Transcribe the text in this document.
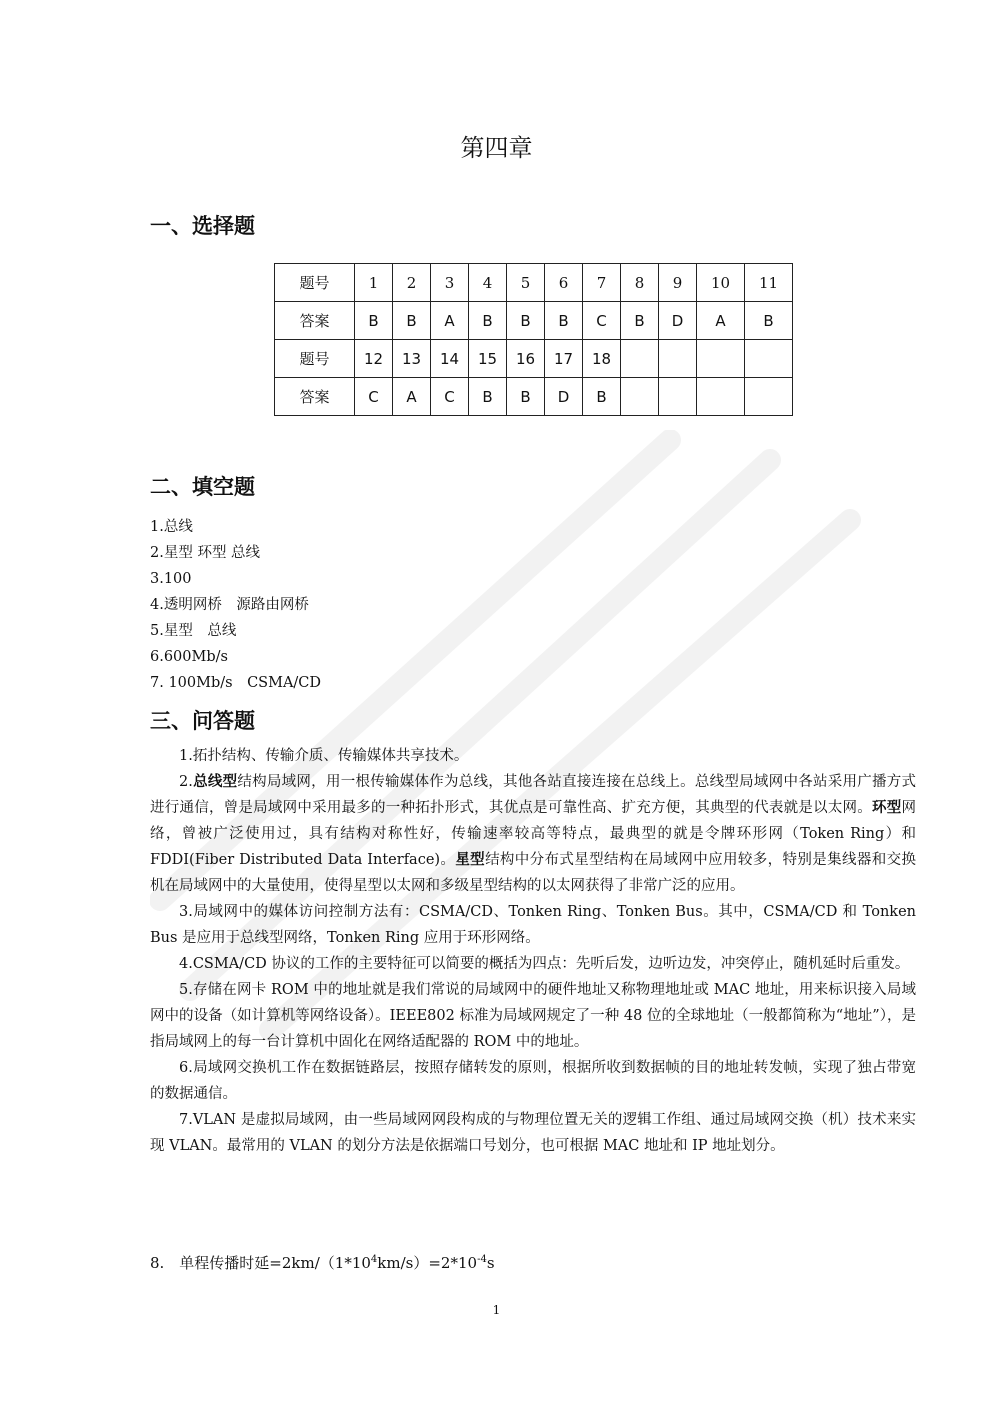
第四章
一、选择题
题号	1	2	3	4	5	6	7	8	9	10	11
答案	B	B	A	B	B	B	C	B	D	A	B
题号	12	13	14	15	16	17	18				
答案	C	A	C	B	B	D	B				
二、填空题
1.总线
2.星型 环型 总线
3.100
4.透明网桥　源路由网桥
5.星型　总线
6.600Mb/s
7. 100Mb/s　CSMA/CD
三、问答题

1.拓扑结构、传输介质、传输媒体共享技术。

2.总线型结构局域网，用一根传输媒体作为总线，其他各站直接连接在总线上。总线型局域网中各站采用广播方式进行通信，曾是局域网中采用最多的一种拓扑形式，其优点是可靠性高、扩充方便，其典型的代表就是以太网。环型网络，曾被广泛使用过，具有结构对称性好，传输速率较高等特点，最典型的就是令牌环形网（Token Ring）和 FDDI(Fiber Distributed Data Interface)。星型结构中分布式星型结构在局域网中应用较多，特别是集线器和交换机在局域网中的大量使用，使得星型以太网和多级星型结构的以太网获得了非常广泛的应用。

3.局域网中的媒体访问控制方法有：CSMA/CD、Tonken Ring、Tonken Bus。其中，CSMA/CD 和 Tonken Bus 是应用于总线型网络，Tonken Ring 应用于环形网络。

4.CSMA/CD 协议的工作的主要特征可以简要的概括为四点：先听后发，边听边发，冲突停止，随机延时后重发。

5.存储在网卡 ROM 中的地址就是我们常说的局域网中的硬件地址又称物理地址或 MAC 地址，用来标识接入局域网中的设备（如计算机等网络设备）。IEEE802 标准为局域网规定了一种 48 位的全球地址（一般都简称为“地址”），是指局域网上的每一台计算机中固化在网络适配器的 ROM 中的地址。

6.局域网交换机工作在数据链路层，按照存储转发的原则，根据所收到数据帧的目的地址转发帧，实现了独占带宽的数据通信。

7.VLAN 是虚拟局域网，由一些局域网网段构成的与物理位置无关的逻辑工作组、通过局域网交换（机）技术来实现 VLAN。最常用的 VLAN 的划分方法是依据端口号划分，也可根据 MAC 地址和 IP 地址划分。

8.　单程传播时延$=2km/(1*10^4km/s)=2*10^{-4}s$
1
